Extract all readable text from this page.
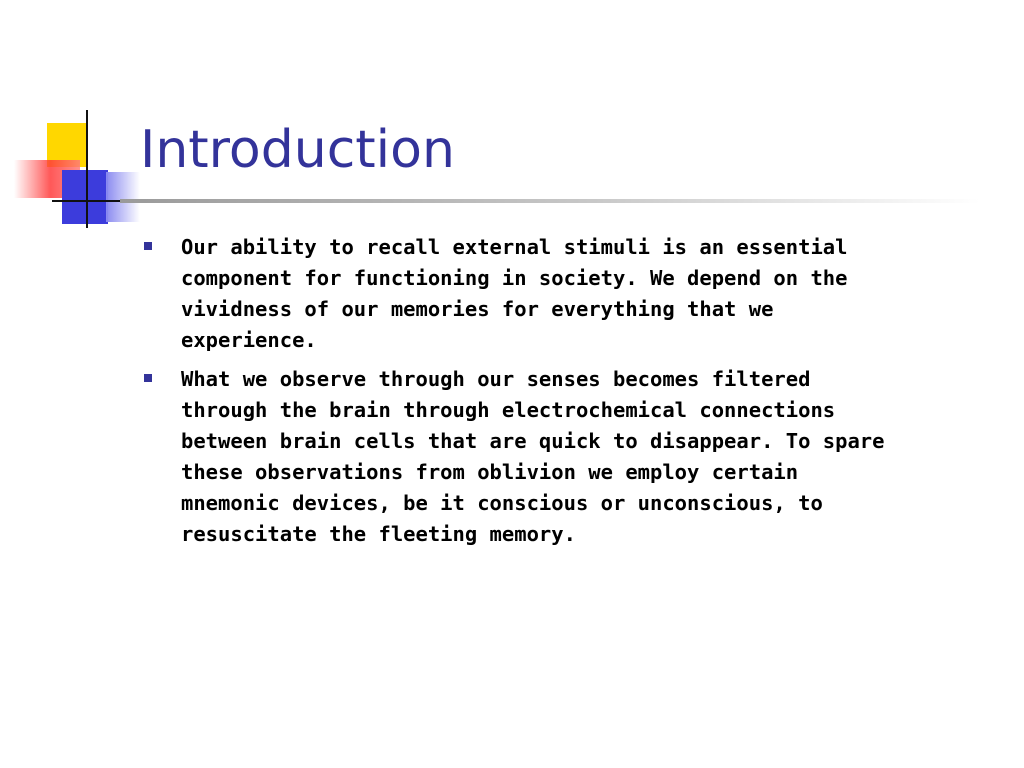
Introduction
Our ability to recall external stimuli is an essential
component for functioning in society. We depend on the
vividness of our memories for everything that we
experience.
What we observe through our senses becomes filtered
through the brain through electrochemical connections
between brain cells that are quick to disappear. To spare
these observations from oblivion we employ certain
mnemonic devices, be it conscious or unconscious, to
resuscitate the fleeting memory.
